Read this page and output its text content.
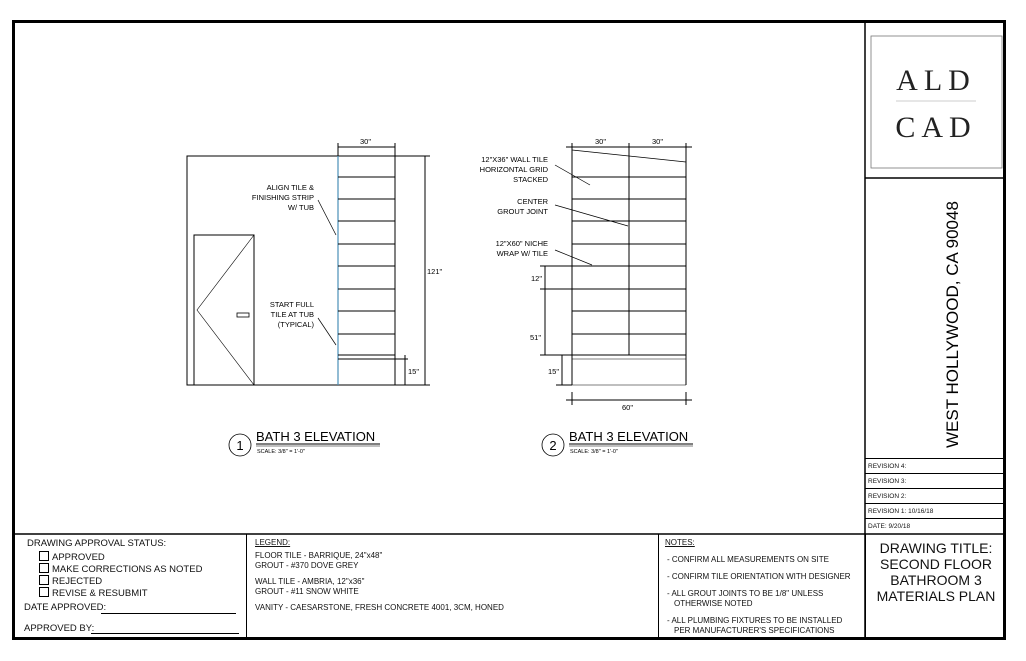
30"
121"
15"
ALIGN TILE &
FINISHING STRIP
W/ TUB
START FULL
TILE AT TUB
(TYPICAL)
1
BATH 3 ELEVATION
SCALE: 3/8" = 1'-0"
30"	30"
60"
12"
51"
15"
12"X36" WALL TILE
HORIZONTAL GRID
STACKED
CENTER
GROUT JOINT
12"X60" NICHE
WRAP W/ TILE
2
BATH 3 ELEVATION
SCALE: 3/8" = 1'-0"
ALD
CAD
WEST HOLLYWOOD, CA 90048
REVISION 4:
REVISION 3:
REVISION 2:
REVISION 1: 10/16/18
DATE: 9/20/18
DRAWING APPROVAL STATUS:
APPROVED
MAKE CORRECTIONS AS NOTED
REJECTED
REVISE & RESUBMIT
DATE APPROVED:
APPROVED BY:
LEGEND:
FLOOR TILE - BARRIQUE, 24"x48"
GROUT - #370 DOVE GREY
WALL TILE - AMBRIA, 12"x36"
GROUT - #11 SNOW WHITE
VANITY - CAESARSTONE, FRESH CONCRETE 4001, 3CM, HONED
NOTES:
- CONFIRM ALL MEASUREMENTS ON SITE
- CONFIRM TILE ORIENTATION WITH DESIGNER
- ALL GROUT JOINTS TO BE 1/8" UNLESS
OTHERWISE NOTED
- ALL PLUMBING FIXTURES TO BE INSTALLED
PER MANUFACTURER'S SPECIFICATIONS
DRAWING TITLE:
SECOND FLOOR
BATHROOM 3
MATERIALS PLAN
